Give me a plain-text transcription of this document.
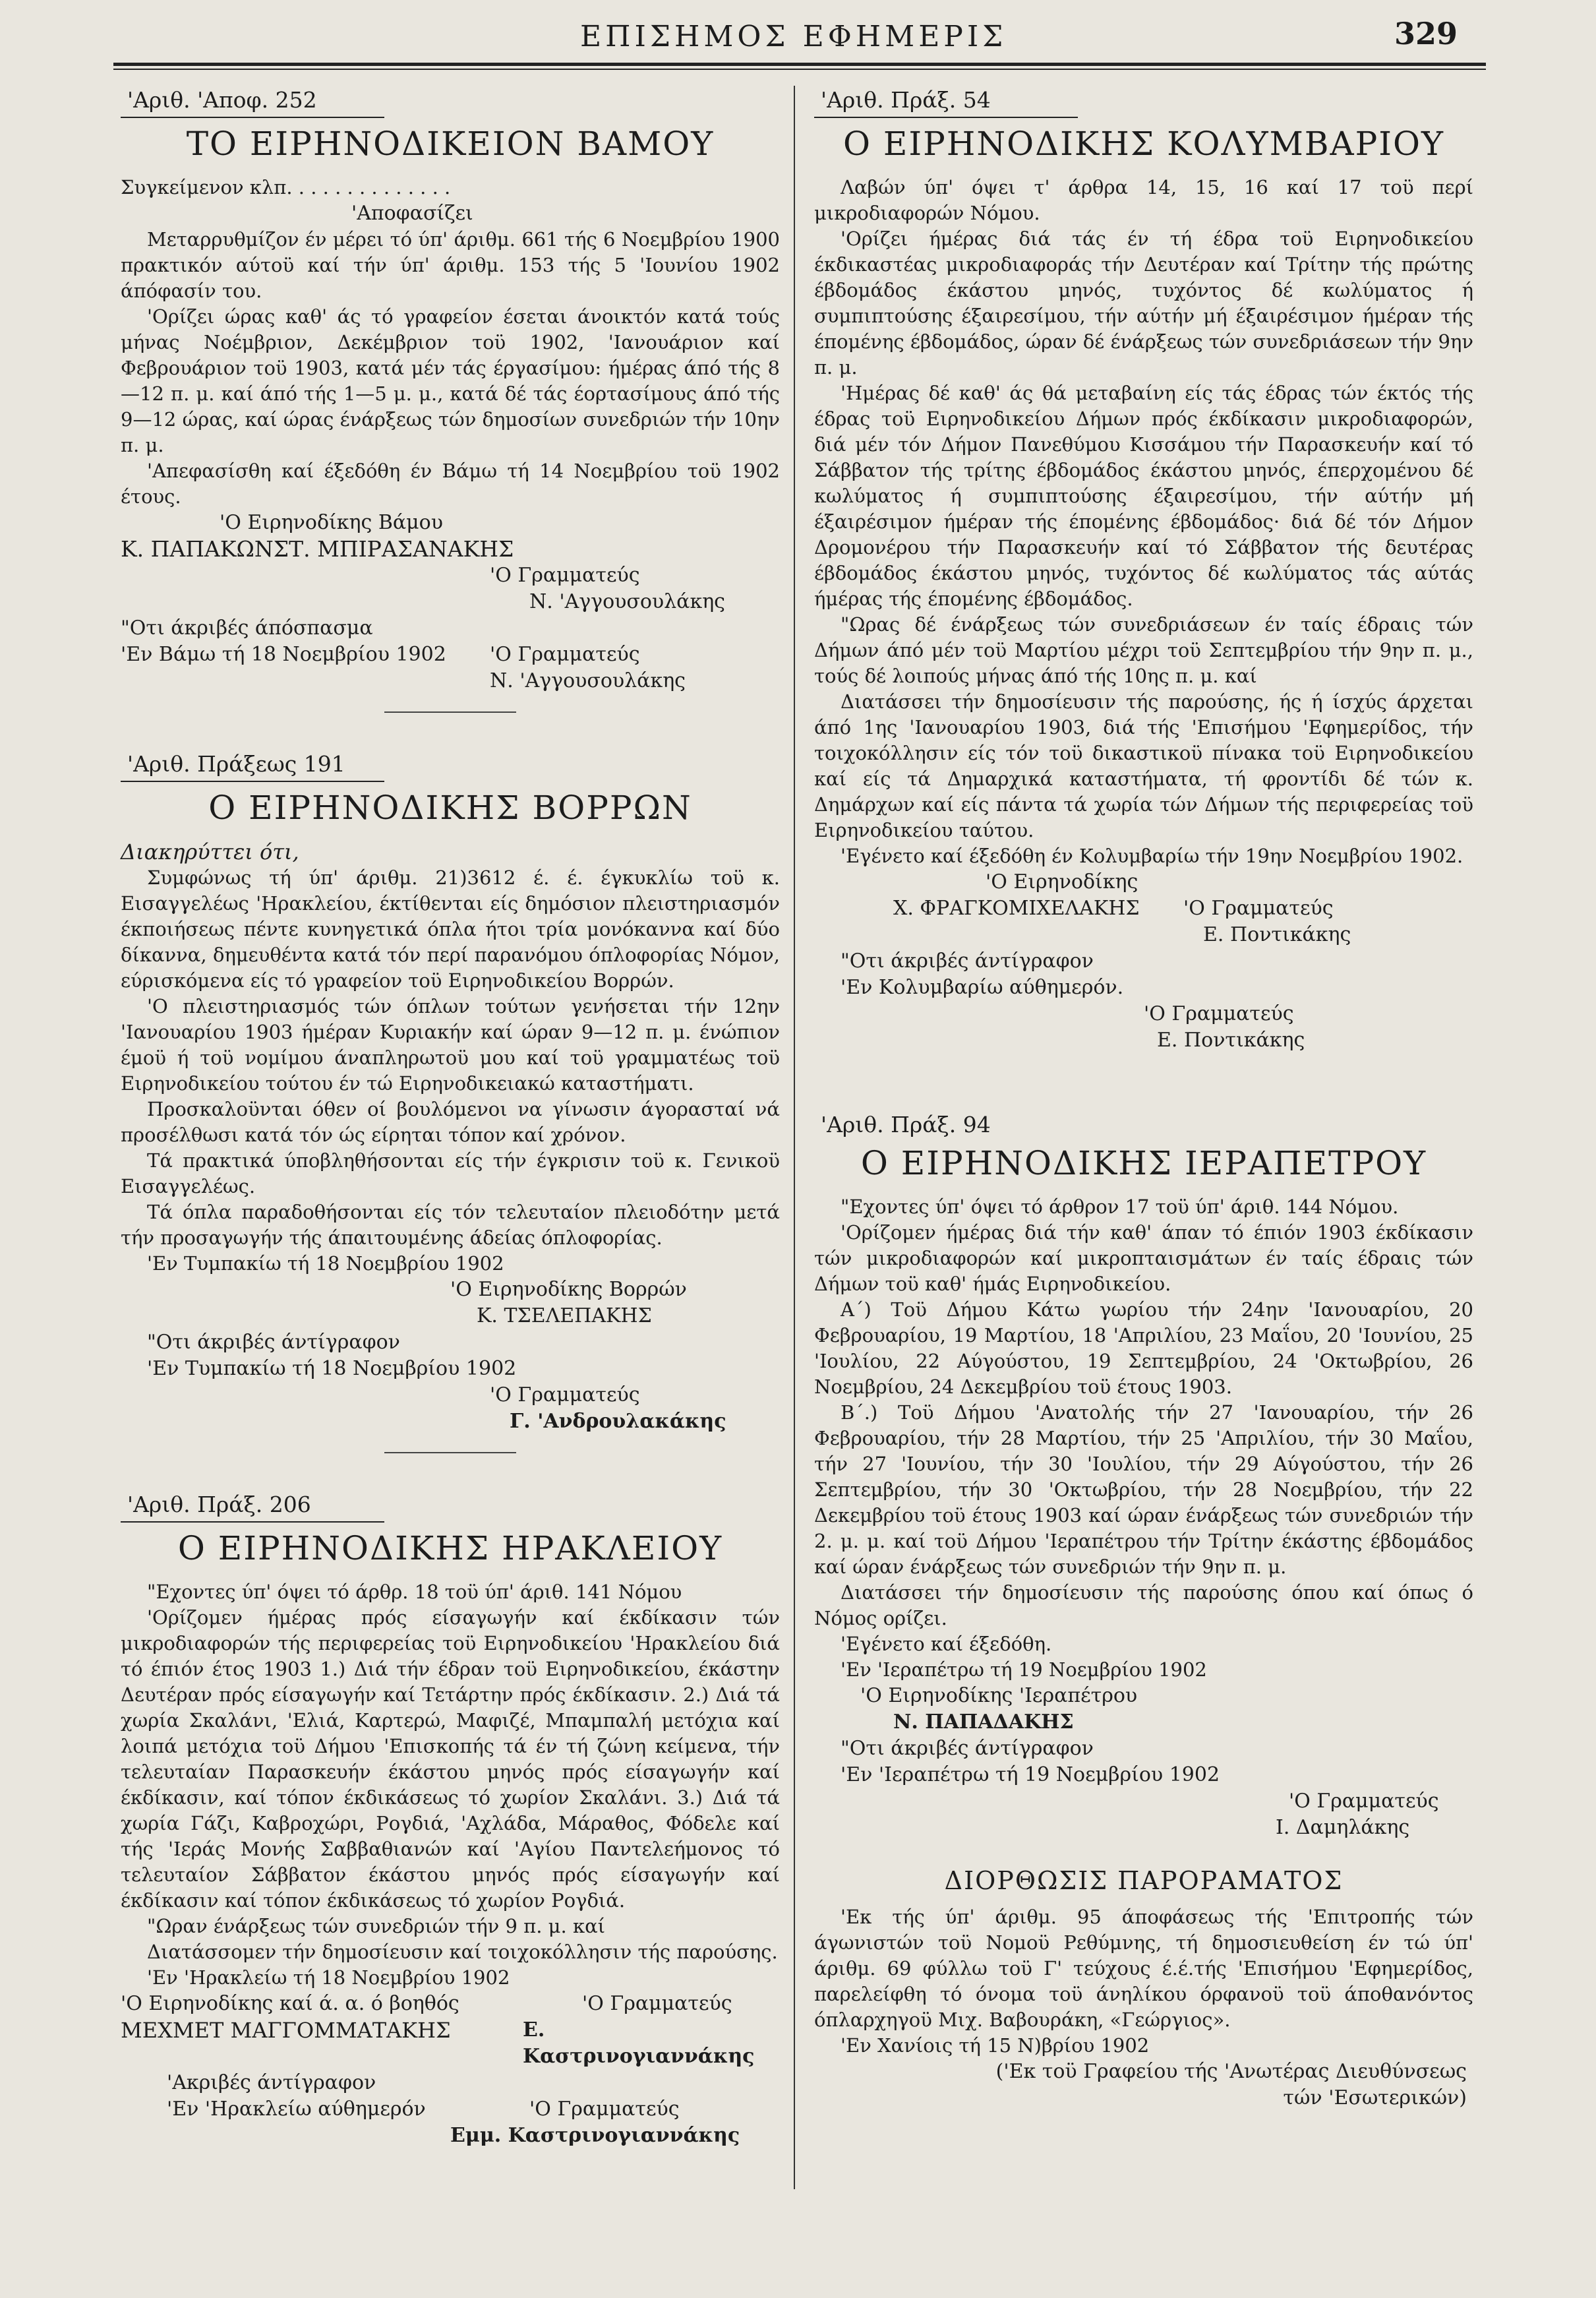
ΕΠΙΣΗΜΟΣ ΕΦΗΜΕΡΙΣ	329
'Αριθ. 'Αποφ. 252
ΤΟ ΕΙΡΗΝΟΔΙΚΕΙΟΝ ΒΑΜΟΥ

Συγκείμενον κλπ. . . . . . . . . . . . . .

'Αποφασίζει

Μεταρρυθμίζον έν μέρει τό ύπ' άριθμ. 661 τής 6 Νοεμβρίου 1900 πρακτικόν αύτοϋ καί τήν ύπ' άριθμ. 153 τής 5 'Ιουνίου 1902 άπόφασίν του.

'Ορίζει ώρας καθ' άς τό γραφείον έσεται άνοικτόν κατά τούς μήνας Νοέμβριον, Δεκέμβριον τοϋ 1902, 'Ιανουάριον καί Φεβρουάριον τοϋ 1903, κατά μέν τάς έργασίμου: ήμέρας άπό τής 8—12 π. μ. καί άπό τής 1—5 μ. μ., κατά δέ τάς έορτασίμους άπό τής 9—12 ώρας, καί ώρας ένάρξεως τών δημοσίων συνεδριών τήν 10ην π. μ.

'Απεφασίσθη καί έξεδόθη έν Βάμω τή 14 Νοεμβρίου τοϋ 1902 έτους.

'Ο Ειρηνοδίκης Βάμου

Κ. ΠΑΠΑΚΩΝΣΤ. ΜΠΙΡΑΣΑΝΑΚΗΣ

'Ο Γραμματεύς

Ν. 'Αγγουσουλάκης

"Οτι άκριβές άπόσπασμα

'Εν Βάμω τή 18 Νοεμβρίου 1902	'Ο Γραμματεύς

Ν. 'Αγγουσουλάκης

'Αριθ. Πράξεως 191
Ο ΕΙΡΗΝΟΔΙΚΗΣ ΒΟΡΡΩΝ

Διακηρύττει ότι,

Συμφώνως τή ύπ' άριθμ. 21)3612 έ. έ. έγκυκλίω τοϋ κ. Εισαγγελέως 'Ηρακλείου, έκτίθενται είς δημόσιον πλειστηριασμόν έκποιήσεως πέντε κυνηγετικά όπλα ήτοι τρία μονόκαννα καί δύο δίκαννα, δημευθέντα κατά τόν περί παρανόμου όπλοφορίας Νόμον, εύρισκόμενα είς τό γραφείον τοϋ Ειρηνοδικείου Βορρών.

'Ο πλειστηριασμός τών όπλων τούτων γενήσεται τήν 12ην 'Ιανουαρίου 1903 ήμέραν Κυριακήν καί ώραν 9—12 π. μ. ένώπιον έμοϋ ή τοϋ νομίμου άναπληρωτοϋ μου καί τοϋ γραμματέως τοϋ Ειρηνοδικείου τούτου έν τώ Ειρηνοδικειακώ καταστήματι.

Προσκαλοϋνται όθεν οί βουλόμενοι να γίνωσιν άγορασταί νά προσέλθωσι κατά τόν ώς είρηται τόπον καί χρόνον.

Τά πρακτικά ύποβληθήσονται είς τήν έγκρισιν τοϋ κ. Γενικοϋ Εισαγγελέως.

Τά όπλα παραδοθήσονται είς τόν τελευταίον πλειοδότην μετά τήν προσαγωγήν τής άπαιτουμένης άδείας όπλοφορίας.

'Εν Τυμπακίω τή 18 Νοεμβρίου 1902

'Ο Ειρηνοδίκης Βορρών

Κ. ΤΣΕΛΕΠΑΚΗΣ

"Οτι άκριβές άντίγραφον

'Εν Τυμπακίω τή 18 Νοεμβρίου 1902

'Ο Γραμματεύς

Γ. 'Ανδρουλακάκης

'Αριθ. Πράξ. 206
Ο ΕΙΡΗΝΟΔΙΚΗΣ ΗΡΑΚΛΕΙΟΥ

"Εχοντες ύπ' όψει τό άρθρ. 18 τοϋ ύπ' άριθ. 141 Νόμου

'Ορίζομεν ήμέρας πρός είσαγωγήν καί έκδίκασιν τών μικροδιαφορών τής περιφερείας τοϋ Ειρηνοδικείου 'Ηρακλείου διά τό έπιόν έτος 1903 1.) Διά τήν έδραν τοϋ Ειρηνοδικείου, έκάστην Δευτέραν πρός είσαγωγήν καί Τετάρτην πρός έκδίκασιν. 2.) Διά τά χωρία Σκαλάνι, 'Ελιά, Καρτερώ, Μαφιζέ, Μπαμπαλή μετόχια καί λοιπά μετόχια τοϋ Δήμου 'Επισκοπής τά έν τή ζώνη κείμενα, τήν τελευταίαν Παρασκευήν έκάστου μηνός πρός είσαγωγήν καί έκδίκασιν, καί τόπον έκδικάσεως τό χωρίον Σκαλάνι. 3.) Διά τά χωρία Γάζι, Καβροχώρι, Ρογδιά, 'Αχλάδα, Μάραθος, Φόδελε καί τής 'Ιεράς Μονής Σαββαθιανών καί 'Αγίου Παντελεήμονος τό τελευταίον Σάββατον έκάστου μηνός πρός είσαγωγήν καί έκδίκασιν καί τόπον έκδικάσεως τό χωρίον Ρογδιά.

"Ωραν ένάρξεως τών συνεδριών τήν 9 π. μ. καί

Διατάσσομεν τήν δημοσίευσιν καί τοιχοκόλλησιν τής παρούσης.

'Εν 'Ηρακλείω τή 18 Νοεμβρίου 1902

'Ο Ειρηνοδίκης καί ά. α. ό βοηθός	'Ο Γραμματεύς

ΜΕΧΜΕΤ ΜΑΓΓΟΜΜΑΤΑΚΗΣ	Ε. Καστρινογιαννάκης

'Ακριβές άντίγραφον

'Εν 'Ηρακλείω αύθημερόν	'Ο Γραμματεύς

Εμμ. Καστρινογιαννάκης

'Αριθ. Πράξ. 54
Ο ΕΙΡΗΝΟΔΙΚΗΣ ΚΟΛΥΜΒΑΡΙΟΥ

Λαβών ύπ' όψει τ' άρθρα 14, 15, 16 καί 17 τοϋ περί μικροδιαφορών Νόμου.

'Ορίζει ήμέρας διά τάς έν τή έδρα τοϋ Ειρηνοδικείου έκδικαστέας μικροδιαφοράς τήν Δευτέραν καί Τρίτην τής πρώτης έβδομάδος έκάστου μηνός, τυχόντος δέ κωλύματος ή συμπιπτούσης έξαιρεσίμου, τήν αύτήν μή έξαιρέσιμον ήμέραν τής έπομένης έβδομάδος, ώραν δέ ένάρξεως τών συνεδριάσεων τήν 9ην π. μ.

'Ημέρας δέ καθ' άς θά μεταβαίνη είς τάς έδρας τών έκτός τής έδρας τοϋ Ειρηνοδικείου Δήμων πρός έκδίκασιν μικροδιαφορών, διά μέν τόν Δήμον Πανεθύμου Κισσάμου τήν Παρασκευήν καί τό Σάββατον τής τρίτης έβδομάδος έκάστου μηνός, έπερχομένου δέ κωλύματος ή συμπιπτούσης έξαιρεσίμου, τήν αύτήν μή έξαιρέσιμον ήμέραν τής έπομένης έβδομάδος· διά δέ τόν Δήμον Δρομονέρου τήν Παρασκευήν καί τό Σάββατον τής δευτέρας έβδομάδος έκάστου μηνός, τυχόντος δέ κωλύματος τάς αύτάς ήμέρας τής έπομένης έβδομάδος.

"Ωρας δέ ένάρξεως τών συνεδριάσεων έν ταίς έδραις τών Δήμων άπό μέν τοϋ Μαρτίου μέχρι τοϋ Σεπτεμβρίου τήν 9ην π. μ., τούς δέ λοιπούς μήνας άπό τής 10ης π. μ. καί

Διατάσσει τήν δημοσίευσιν τής παρούσης, ής ή ίσχύς άρχεται άπό 1ης 'Ιανουαρίου 1903, διά τής 'Επισήμου 'Εφημερίδος, τήν τοιχοκόλλησιν είς τόν τοϋ δικαστικοϋ πίνακα τοϋ Ειρηνοδικείου καί είς τά Δημαρχικά καταστήματα, τή φροντίδι δέ τών κ. Δημάρχων καί είς πάντα τά χωρία τών Δήμων τής περιφερείας τοϋ Ειρηνοδικείου ταύτου.

'Εγένετο καί έξεδόθη έν Κολυμβαρίω τήν 19ην Νοεμβρίου 1902.

'Ο Ειρηνοδίκης

Χ. ΦΡΑΓΚΟΜΙΧΕΛΑΚΗΣ	'Ο Γραμματεύς

Ε. Ποντικάκης

"Οτι άκριβές άντίγραφον

'Εν Κολυμβαρίω αύθημερόν.

'Ο Γραμματεύς

Ε. Ποντικάκης

'Αριθ. Πράξ. 94
Ο ΕΙΡΗΝΟΔΙΚΗΣ ΙΕΡΑΠΕΤΡΟΥ

"Εχοντες ύπ' όψει τό άρθρον 17 τοϋ ύπ' άριθ. 144 Νόμου.

'Ορίζομεν ήμέρας διά τήν καθ' άπαν τό έπιόν 1903 έκδίκασιν τών μικροδιαφορών καί μικροπταισμάτων έν ταίς έδραις τών Δήμων τοϋ καθ' ήμάς Ειρηνοδικείου.

Α΄) Τοϋ Δήμου Κάτω γωρίου τήν 24ην 'Ιανουαρίου, 20 Φεβρουαρίου, 19 Μαρτίου, 18 'Απριλίου, 23 Μαΐου, 20 'Ιουνίου, 25 'Ιουλίου, 22 Αύγούστου, 19 Σεπτεμβρίου, 24 'Οκτωβρίου, 26 Νοεμβρίου, 24 Δεκεμβρίου τοϋ έτους 1903.

Β΄.) Τοϋ Δήμου 'Ανατολής τήν 27 'Ιανουαρίου, τήν 26 Φεβρουαρίου, τήν 28 Μαρτίου, τήν 25 'Απριλίου, τήν 30 Μαΐου, τήν 27 'Ιουνίου, τήν 30 'Ιουλίου, τήν 29 Αύγούστου, τήν 26 Σεπτεμβρίου, τήν 30 'Οκτωβρίου, τήν 28 Νοεμβρίου, τήν 22 Δεκεμβρίου τοϋ έτους 1903 καί ώραν ένάρξεως τών συνεδριών τήν 2. μ. μ. καί τοϋ Δήμου 'Ιεραπέτρου τήν Τρίτην έκάστης έβδομάδος καί ώραν ένάρξεως τών συνεδριών τήν 9ην π. μ.

Διατάσσει τήν δημοσίευσιν τής παρούσης όπου καί όπως ό Νόμος ορίζει.

'Εγένετο καί έξεδόθη.

'Εν 'Ιεραπέτρω τή 19 Νοεμβρίου 1902

'Ο Ειρηνοδίκης 'Ιεραπέτρου

Ν. ΠΑΠΑΔΑΚΗΣ

"Οτι άκριβές άντίγραφον

'Εν 'Ιεραπέτρω τή 19 Νοεμβρίου 1902

'Ο Γραμματεύς

Ι. Δαμηλάκης

ΔΙΟΡΘΩΣΙΣ ΠΑΡΟΡΑΜΑΤΟΣ

'Εκ τής ύπ' άριθμ. 95 άποφάσεως τής 'Επιτροπής τών άγωνιστών τοϋ Νομοϋ Ρεθύμνης, τή δημοσιευθείση έν τώ ύπ' άριθμ. 69 φύλλω τοϋ Γ' τεύχους έ.έ.τής 'Επισήμου 'Εφημερίδος, παρελείφθη τό όνομα τοϋ άνηλίκου όρφανοϋ τοϋ άποθανόντος όπλαρχηγοϋ Μιχ. Βαβουράκη, «Γεώργιος».

'Εν Χανίοις τή 15 Ν)βρίου 1902

('Εκ τοϋ Γραφείου τής 'Ανωτέρας Διευθύνσεως τών 'Εσωτερικών)
